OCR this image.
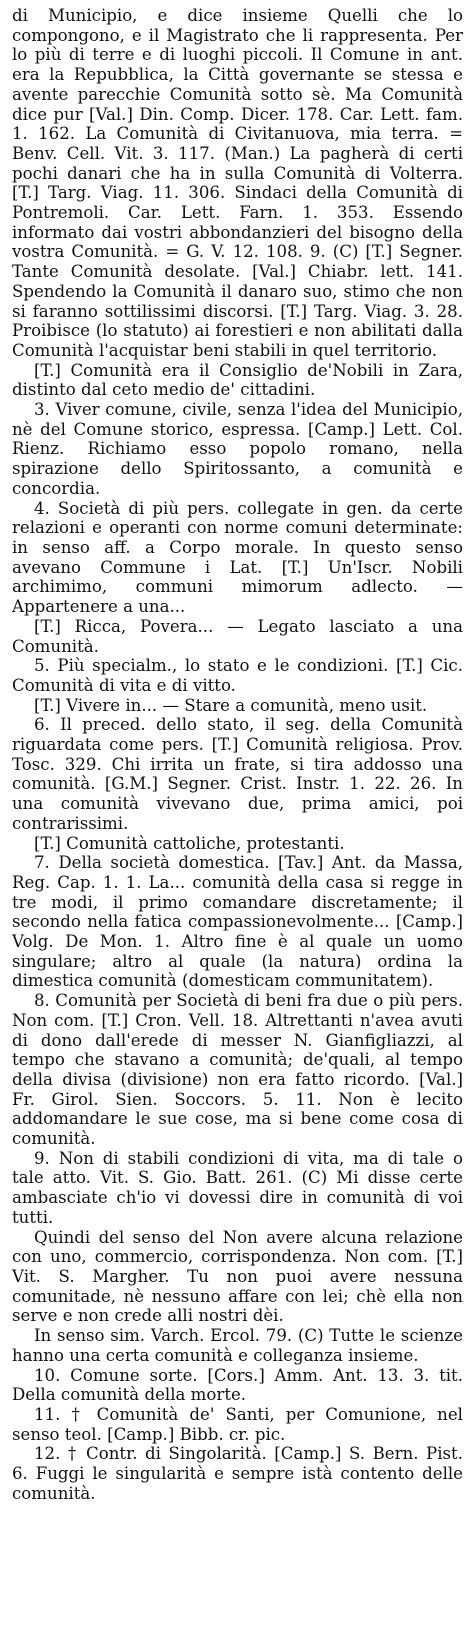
di Municipio, e dice insieme Quelli che lo compongono, e il Magistrato che li rappresenta. Per lo più di terre e di luoghi piccoli. Il Comune in ant. era la Repubblica, la Città governante se stessa e avente parecchie Comunità sotto sè. Ma Comunità dice pur [Val.] Din. Comp. Dicer. 178. Car. Lett. fam. 1. 162. La Comunità di Civitanuova, mia terra. = Benv. Cell. Vit. 3. 117. (Man.) La pagherà di certi pochi danari che ha in sulla Comunità di Volterra. [T.] Targ. Viag. 11. 306. Sindaci della Comunità di Pontremoli. Car. Lett. Farn. 1. 353. Essendo informato dai vostri abbondanzieri del bisogno della vostra Comunità. = G. V. 12. 108. 9. (C) [T.] Segner. Tante Comunità desolate. [Val.] Chiabr. lett. 141. Spendendo la Comunità il danaro suo, stimo che non si faranno sottilissimi discorsi. [T.] Targ. Viag. 3. 28. Proibisce (lo statuto) ai forestieri e non abilitati dalla Comunità l'acquistar beni stabili in quel territorio.

[T.] Comunità era il Consiglio de'Nobili in Zara, distinto dal ceto medio de' cittadini.

3. Viver comune, civile, senza l'idea del Municipio, nè del Comune storico, espressa. [Camp.] Lett. Col. Rienz. Richiamo esso popolo romano, nella spirazione dello Spiritossanto, a comunità e concordia.

4. Società di più pers. collegate in gen. da certe relazioni e operanti con norme comuni determinate: in senso aff. a Corpo morale. In questo senso avevano Commune i Lat. [T.] Un'Iscr. Nobili archimimo, communi mimorum adlecto. — Appartenere a una...

[T.] Ricca, Povera... — Legato lasciato a una Comunità.

5. Più specialm., lo stato e le condizioni. [T.] Cic. Comunità di vita e di vitto.

[T.] Vivere in... — Stare a comunità, meno usit.

6. Il preced. dello stato, il seg. della Comunità riguardata come pers. [T.] Comunità religiosa. Prov. Tosc. 329. Chi irrita un frate, si tira addosso una comunità. [G.M.] Segner. Crist. Instr. 1. 22. 26. In una comunità vivevano due, prima amici, poi contrarissimi.

[T.] Comunità cattoliche, protestanti.

7. Della società domestica. [Tav.] Ant. da Massa, Reg. Cap. 1. 1. La... comunità della casa si regge in tre modi, il primo comandare discretamente; il secondo nella fatica compassionevolmente... [Camp.] Volg. De Mon. 1. Altro fine è al quale un uomo singulare; altro al quale (la natura) ordina la dimestica comunità (domesticam communitatem).

8. Comunità per Società di beni fra due o più pers. Non com. [T.] Cron. Vell. 18. Altrettanti n'avea avuti di dono dall'erede di messer N. Gianfigliazzi, al tempo che stavano a comunità; de'quali, al tempo della divisa (divisione) non era fatto ricordo. [Val.] Fr. Girol. Sien. Soccors. 5. 11. Non è lecito addomandare le sue cose, ma si bene come cosa di comunità.

9. Non di stabili condizioni di vita, ma di tale o tale atto. Vit. S. Gio. Batt. 261. (C) Mi disse certe ambasciate ch'io vi dovessi dire in comunità di voi tutti.

Quindi del senso del Non avere alcuna relazione con uno, commercio, corrispondenza. Non com. [T.] Vit. S. Margher. Tu non puoi avere nessuna comunitade, nè nessuno affare con lei; chè ella non serve e non crede alli nostri dèi.

In senso sim. Varch. Ercol. 79. (C) Tutte le scienze hanno una certa comunità e colleganza insieme.

10. Comune sorte. [Cors.] Amm. Ant. 13. 3. tit. Della comunità della morte.

11. † Comunità de' Santi, per Comunione, nel senso teol. [Camp.] Bibb. cr. pic.

12. † Contr. di Singolarità. [Camp.] S. Bern. Pist. 6. Fuggi le singularità e sempre istà contento delle comunità.
